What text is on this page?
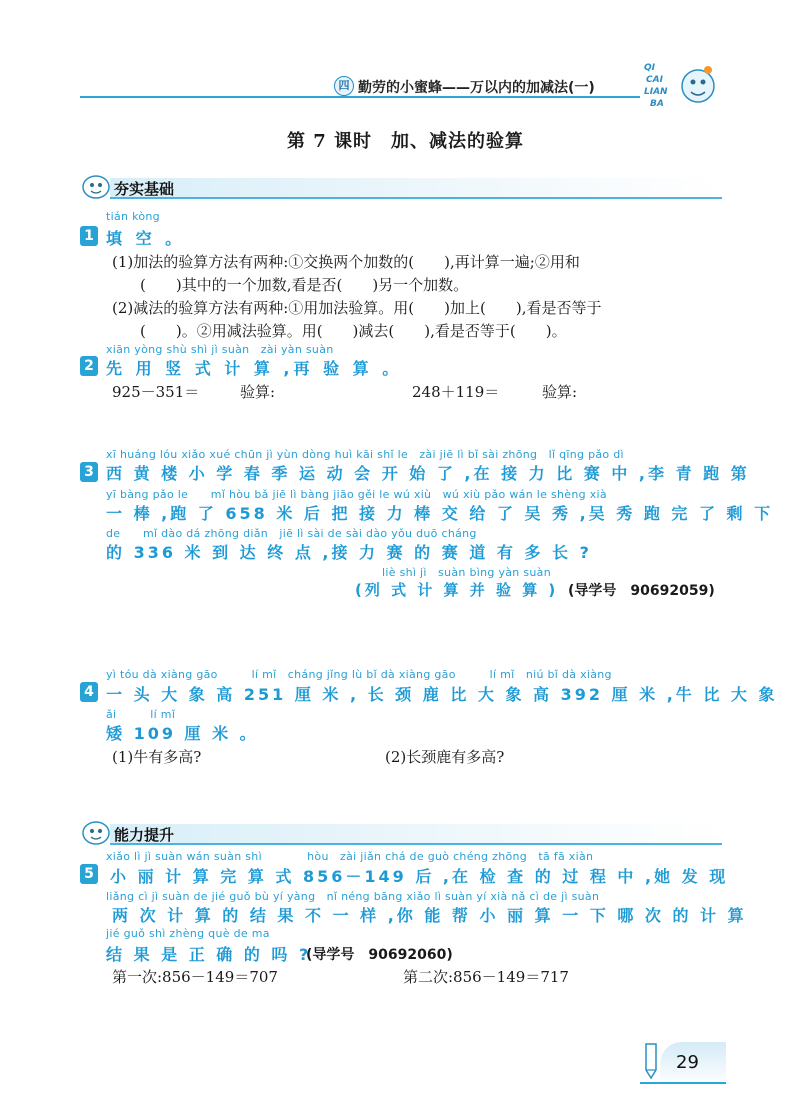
四 勤劳的小蜜蜂——万以内的加减法(一)
QI
CAI
LIAN
BA
第 7 课时　加、减法的验算
夯实基础
tián kòng
1 填 空 。
(1)加法的验算方法有两种:①交换两个加数的(　　),再计算一遍;②用和
(　　)其中的一个加数,看是否(　　)另一个加数。
(2)减法的验算方法有两种:①用加法验算。用(　　)加上(　　),看是否等于
(　　)。②用减法验算。用(　　)减去(　　),看是否等于(　　)。
xiān yòng shù shì jì suàn　zài yàn suàn
2 先 用 竖 式 计 算 ,再 验 算 。
925－351＝	验算:	248＋119＝	验算:
xī huáng lóu xiǎo xué chūn jì yùn dòng huì kāi shǐ le　zài jiē lì bǐ sài zhōng　lǐ qīng pǎo dì
3 西 黄 楼 小 学 春 季 运 动 会 开 始 了 ,在 接 力 比 赛 中 ,李 青 跑 第
yī bàng pǎo le　　mǐ hòu bǎ jiē lì bàng jiāo gěi le wú xiù　wú xiù pǎo wán le shèng xià
一 棒 ,跑 了 658 米 后 把 接 力 棒 交 给 了 吴 秀 ,吴 秀 跑 完 了 剩 下
de　　mǐ dào dá zhōng diǎn　jiē lì sài de sài dào yǒu duō cháng
的 336 米 到 达 终 点 ,接 力 赛 的 赛 道 有 多 长 ?
liè shì jì　suàn bìng yàn suàn
(列 式 计 算 并 验 算 ) (导学号　90692059)
yì tóu dà xiàng gāo　　　lí mǐ　cháng jǐng lù bǐ dà xiàng gāo　　　lí mǐ　niú bǐ dà xiàng
4 一 头 大 象 高 251 厘 米 , 长 颈 鹿 比 大 象 高 392 厘 米 ,牛 比 大 象
ǎi　　　lí mǐ
矮 109 厘 米 。
(1)牛有多高?	(2)长颈鹿有多高?
能力提升
xiǎo lì jì suàn wán suàn shì　　　　hòu　zài jiǎn chá de guò chéng zhōng　tā fā xiàn
5 小 丽 计 算 完 算 式 856－149 后 ,在 检 查 的 过 程 中 ,她 发 现
liǎng cì jì suàn de jié guǒ bù yí yàng　nǐ néng bāng xiǎo lì suàn yí xià nǎ cì de jì suàn
两 次 计 算 的 结 果 不 一 样 ,你 能 帮 小 丽 算 一 下 哪 次 的 计 算
jié guǒ shì zhèng què de ma
结 果 是 正 确 的 吗 ?
(导学号　90692060)
第一次:856－149＝707	第二次:856－149＝717
29
